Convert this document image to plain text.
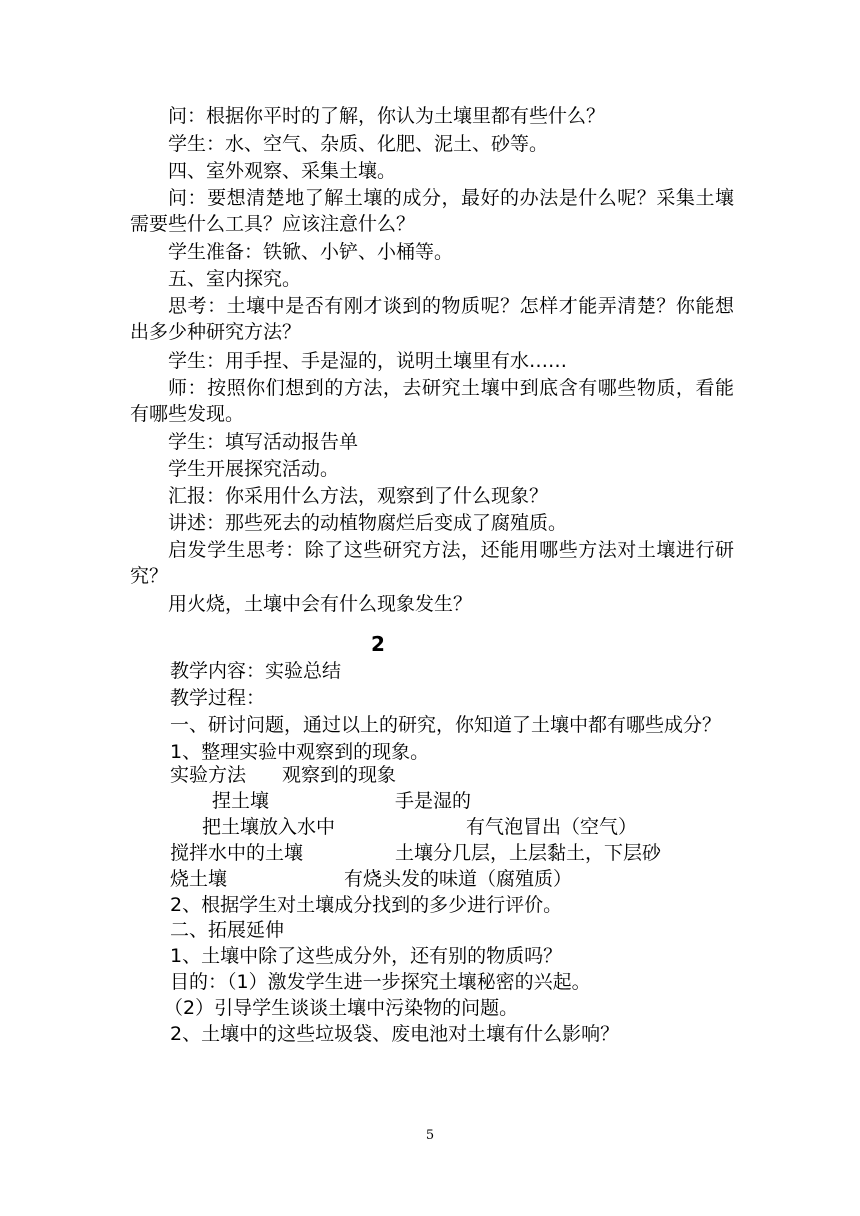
问：根据你平时的了解，你认为土壤里都有些什么？
学生：水、空气、杂质、化肥、泥土、砂等。
四、室外观察、采集土壤。
问：要想清楚地了解土壤的成分，最好的办法是什么呢？采集土壤需要些什么工具？应该注意什么？
学生准备：铁锨、小铲、小桶等。
五、室内探究。
思考：土壤中是否有刚才谈到的物质呢？怎样才能弄清楚？你能想出多少种研究方法？
学生：用手捏、手是湿的，说明土壤里有水……
师：按照你们想到的方法，去研究土壤中到底含有哪些物质，看能有哪些发现。
学生：填写活动报告单
学生开展探究活动。
汇报：你采用什么方法，观察到了什么现象？
讲述：那些死去的动植物腐烂后变成了腐殖质。
启发学生思考：除了这些研究方法，还能用哪些方法对土壤进行研究？
用火烧，土壤中会有什么现象发生？
2
教学内容：实验总结
教学过程：
一、研讨问题，通过以上的研究，你知道了土壤中都有哪些成分？
1、整理实验中观察到的现象。
实验方法 观察到的现象
捏土壤	手是湿的
把土壤放入水中	有气泡冒出（空气）
搅拌水中的土壤	土壤分几层，上层黏土，下层砂
烧土壤	有烧头发的味道（腐殖质）
2、根据学生对土壤成分找到的多少进行评价。
二、拓展延伸
1、土壤中除了这些成分外，还有别的物质吗？
目的：（1）激发学生进一步探究土壤秘密的兴起。
（2）引导学生谈谈土壤中污染物的问题。
2、土壤中的这些垃圾袋、废电池对土壤有什么影响？
5
